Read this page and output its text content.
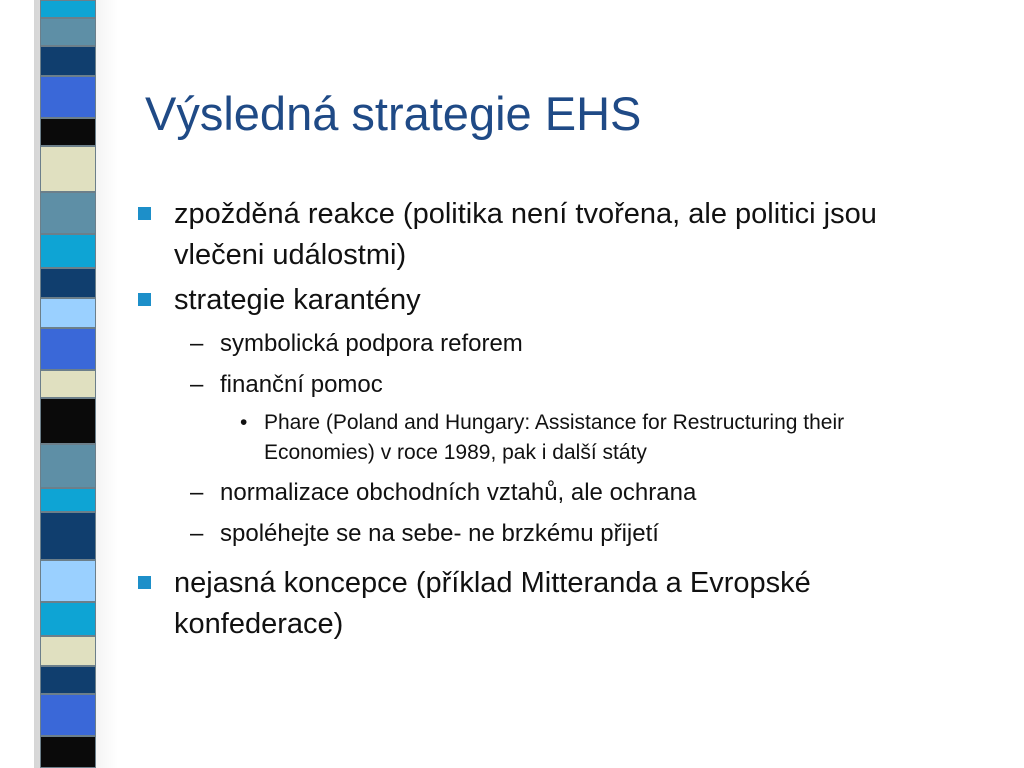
Výsledná strategie EHS
zpožděná reakce (politika není tvořena, ale politici jsou vlečeni událostmi)
strategie karantény
– symbolická podpora reforem
– finanční pomoc
• Phare (Poland and Hungary: Assistance for Restructuring their Economies) v roce 1989, pak i další státy
– normalizace obchodních vztahů, ale ochrana
– spoléhejte se na sebe- ne brzkému přijetí
nejasná koncepce (příklad Mitteranda a Evropské konfederace)
